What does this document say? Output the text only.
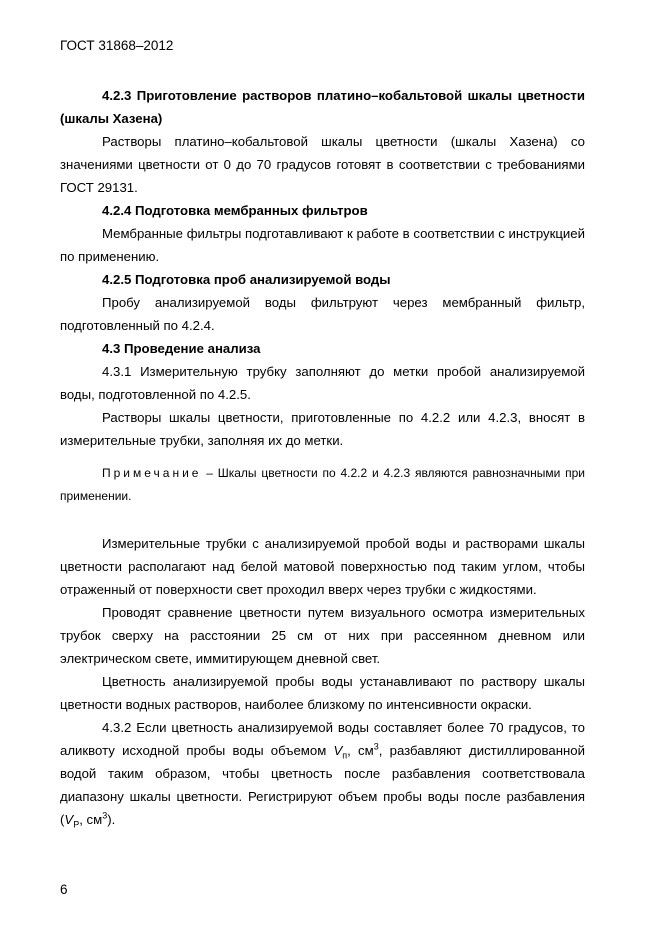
ГОСТ 31868–2012

4.2.3 Приготовление растворов платино–кобальтовой шкалы цветности (шкалы Хазена)

Растворы платино–кобальтовой шкалы цветности (шкалы Хазена) со значениями цветности от 0 до 70 градусов готовят в соответствии с требованиями ГОСТ 29131.

4.2.4 Подготовка мембранных фильтров

Мембранные фильтры подготавливают к работе в соответствии с инструкцией по применению.

4.2.5 Подготовка проб анализируемой воды

Пробу анализируемой воды фильтруют через мембранный фильтр, подготовленный по 4.2.4.

4.3 Проведение анализа

4.3.1 Измерительную трубку заполняют до метки пробой анализируемой воды, подготовленной по 4.2.5.

Растворы шкалы цветности, приготовленные по 4.2.2 или 4.2.3, вносят в измерительные трубки, заполняя их до метки.

Примечание – Шкалы цветности по 4.2.2 и 4.2.3 являются равнозначными при применении.

Измерительные трубки с анализируемой пробой воды и растворами шкалы цветности располагают над белой матовой поверхностью под таким углом, чтобы отраженный от поверхности свет проходил вверх через трубки с жидкостями.

Проводят сравнение цветности путем визуального осмотра измерительных трубок сверху на расстоянии 25 см от них при рассеянном дневном или электрическом свете, иммитирующем дневной свет.

Цветность анализируемой пробы воды устанавливают по раствору шкалы цветности водных растворов, наиболее близкому по интенсивности окраски.

4.3.2 Если цветность анализируемой воды составляет более 70 градусов, то аликвоту исходной пробы воды объемом $V_п$, $см^3$, разбавляют дистиллированной водой таким образом, чтобы цветность после разбавления соответствовала диапазону шкалы цветности. Регистрируют объем пробы воды после разбавления ($V_Р$, $см^3$).

6
